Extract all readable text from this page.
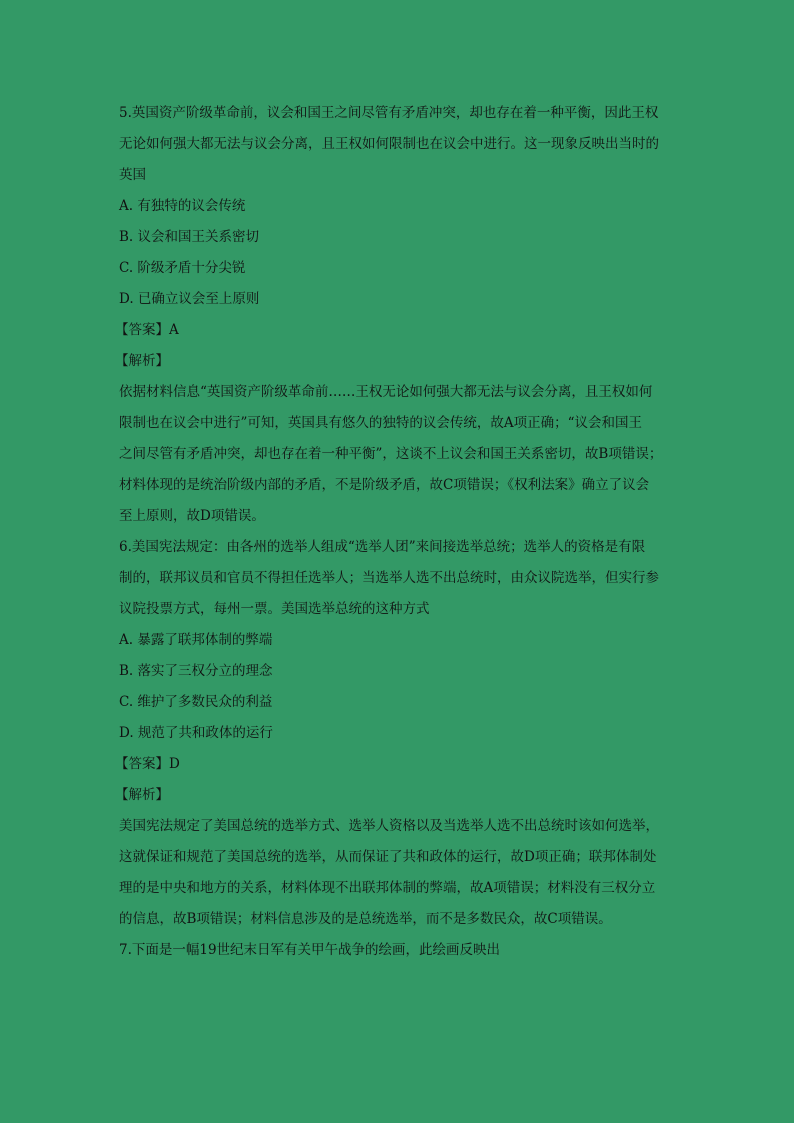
5.英国资产阶级革命前，议会和国王之间尽管有矛盾冲突，却也存在着一种平衡，因此王权

无论如何强大都无法与议会分离，且王权如何限制也在议会中进行。这一现象反映出当时的

英国

A. 有独特的议会传统

B. 议会和国王关系密切

C. 阶级矛盾十分尖锐

D. 已确立议会至上原则

【答案】A

【解析】

依据材料信息“英国资产阶级革命前……王权无论如何强大都无法与议会分离，且王权如何

限制也在议会中进行”可知，英国具有悠久的独特的议会传统，故A项正确；“议会和国王

之间尽管有矛盾冲突，却也存在着一种平衡”，这谈不上议会和国王关系密切，故B项错误；

材料体现的是统治阶级内部的矛盾，不是阶级矛盾，故C项错误；《权利法案》确立了议会

至上原则，故D项错误。

6.美国宪法规定：由各州的选举人组成“选举人团”来间接选举总统；选举人的资格是有限

制的，联邦议员和官员不得担任选举人；当选举人选不出总统时，由众议院选举，但实行参

议院投票方式，每州一票。美国选举总统的这种方式

A. 暴露了联邦体制的弊端

B. 落实了三权分立的理念

C. 维护了多数民众的利益

D. 规范了共和政体的运行

【答案】D

【解析】

美国宪法规定了美国总统的选举方式、选举人资格以及当选举人选不出总统时该如何选举，

这就保证和规范了美国总统的选举，从而保证了共和政体的运行，故D项正确；联邦体制处

理的是中央和地方的关系，材料体现不出联邦体制的弊端，故A项错误；材料没有三权分立

的信息，故B项错误；材料信息涉及的是总统选举，而不是多数民众，故C项错误。

7.下面是一幅19世纪末日军有关甲午战争的绘画，此绘画反映出
